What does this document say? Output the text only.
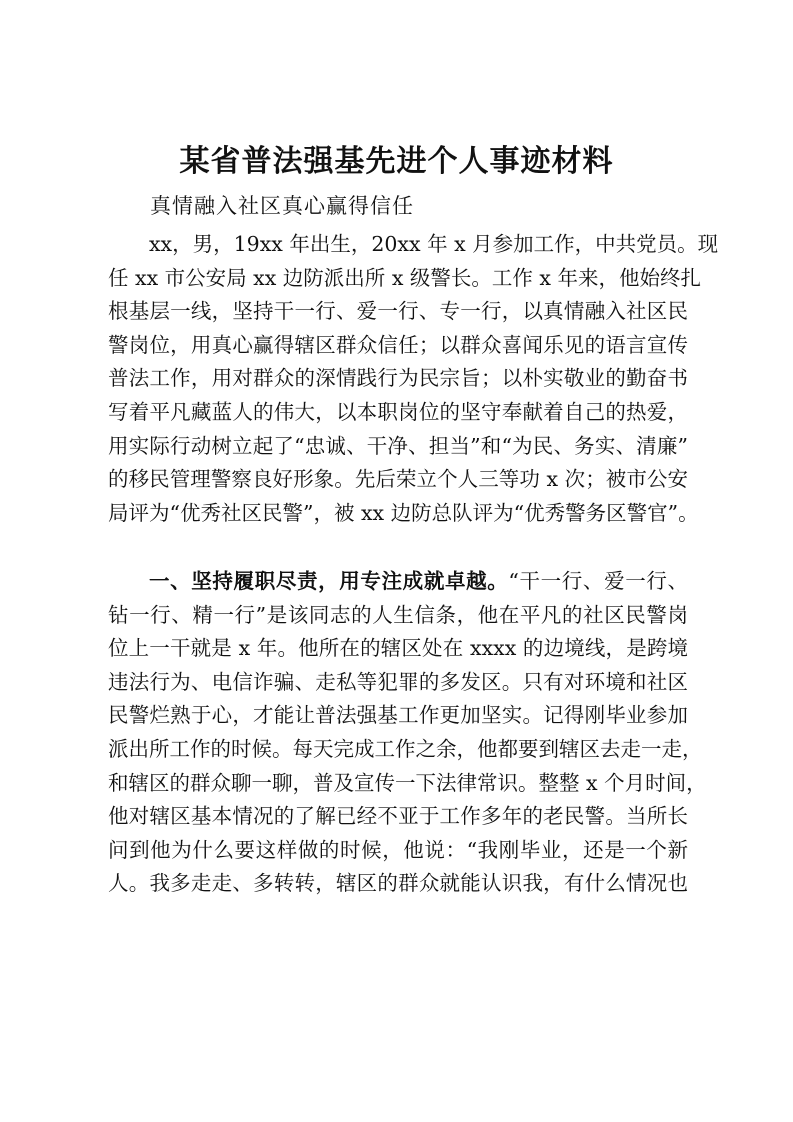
某省普法强基先进个人事迹材料
真情融入社区真心赢得信任
xx，男，19xx 年出生，20xx 年 x 月参加工作，中共党员。现
任 xx 市公安局 xx 边防派出所 x 级警长。工作 x 年来，他始终扎
根基层一线，坚持干一行、爱一行、专一行，以真情融入社区民
警岗位，用真心赢得辖区群众信任；以群众喜闻乐见的语言宣传
普法工作，用对群众的深情践行为民宗旨；以朴实敬业的勤奋书
写着平凡藏蓝人的伟大，以本职岗位的坚守奉献着自己的热爱，
用实际行动树立起了“忠诚、干净、担当”和“为民、务实、清廉”
的移民管理警察良好形象。先后荣立个人三等功 x 次；被市公安
局评为“优秀社区民警”，被 xx 边防总队评为“优秀警务区警官”。
一、坚持履职尽责，用专注成就卓越。“干一行、爱一行、
钻一行、精一行”是该同志的人生信条，他在平凡的社区民警岗
位上一干就是 x 年。他所在的辖区处在 xxxx 的边境线，是跨境
违法行为、电信诈骗、走私等犯罪的多发区。只有对环境和社区
民警烂熟于心，才能让普法强基工作更加坚实。记得刚毕业参加
派出所工作的时候。每天完成工作之余，他都要到辖区去走一走，
和辖区的群众聊一聊，普及宣传一下法律常识。整整 x 个月时间，
他对辖区基本情况的了解已经不亚于工作多年的老民警。当所长
问到他为什么要这样做的时候，他说：“我刚毕业，还是一个新
人。我多走走、多转转，辖区的群众就能认识我，有什么情况也
